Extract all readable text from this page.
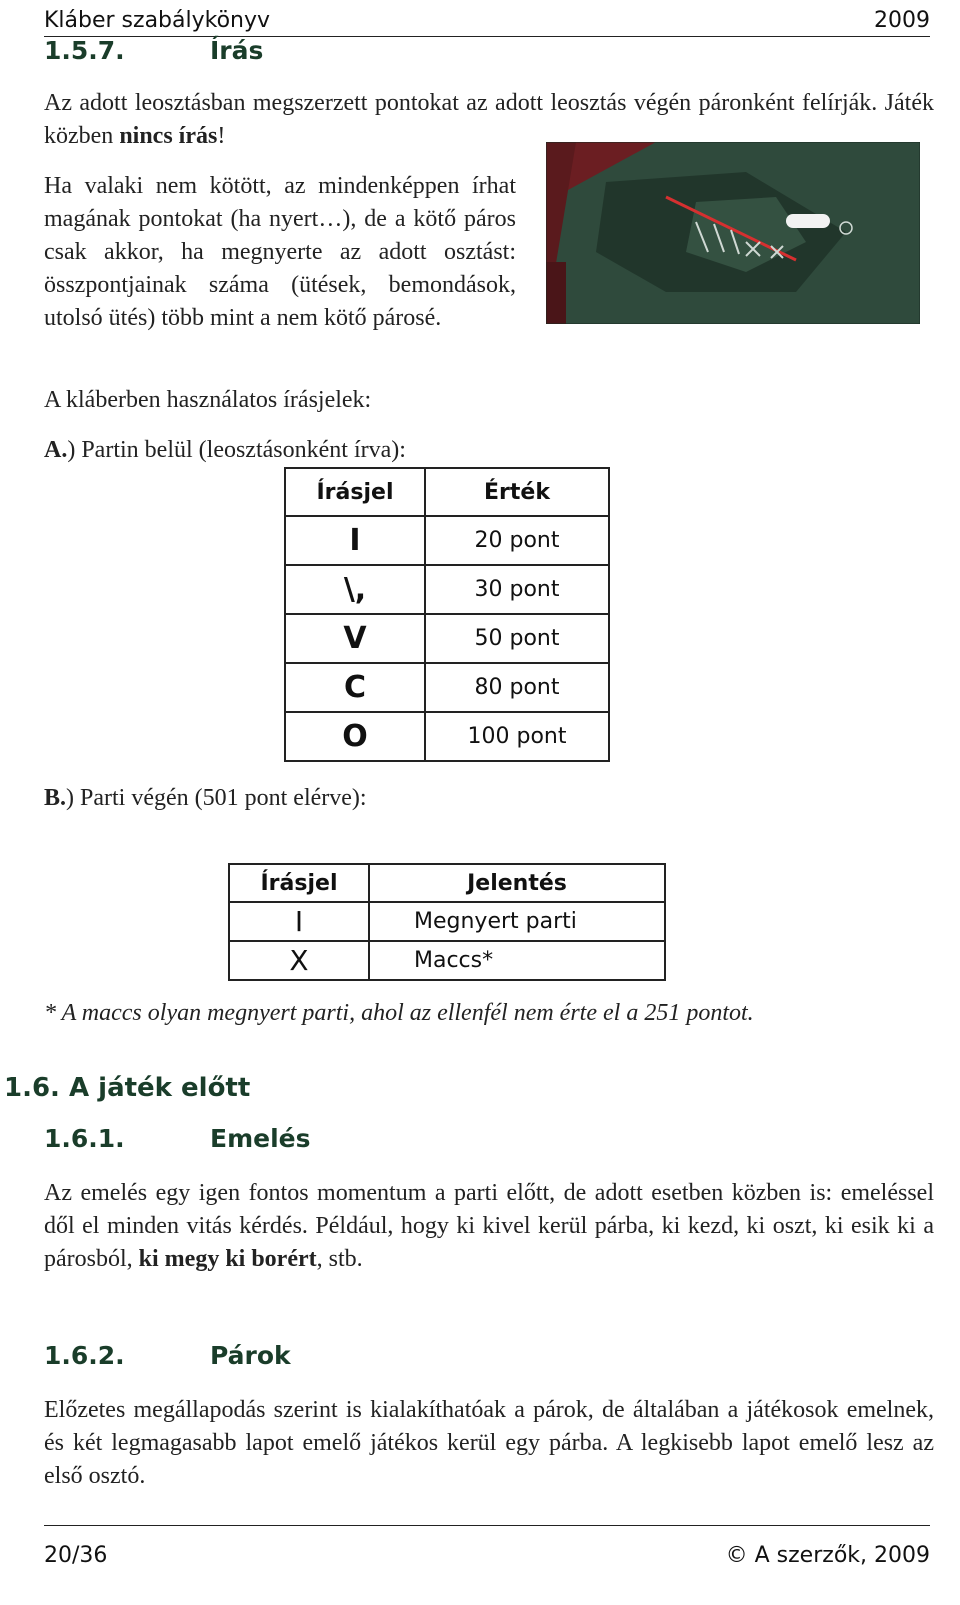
Kláber szabálykönyv	2009
1.5.7.	Írás
Az adott leosztásban megszerzett pontokat az adott leosztás végén páronként felírják. Játék közben nincs írás!
Ha valaki nem kötött, az mindenképpen írhat magának pontokat (ha nyert…), de a kötő páros csak akkor, ha megnyerte az adott osztást: összpontjainak száma (ütések, bemondások, utolsó ütés) több mint a nem kötő párosé.
A kláberben használatos írásjelek:
A.) Partin belül (leosztásonként írva):
Írásjel	Érték
I	20 pont
\,	30 pont
V	50 pont
C	80 pont
O	100 pont
B.) Parti végén (501 pont elérve):
Írásjel	Jelentés
I	Megnyert parti
X	Maccs*
* A maccs olyan megnyert parti, ahol az ellenfél nem érte el a 251 pontot.
1.6. A játék előtt
1.6.1.	Emelés
Az emelés egy igen fontos momentum a parti előtt, de adott esetben közben is: emeléssel dől el minden vitás kérdés. Például, hogy ki kivel kerül párba, ki kezd, ki oszt, ki esik ki a párosból, ki megy ki borért, stb.
1.6.2.	Párok
Előzetes megállapodás szerint is kialakíthatóak a párok, de általában a játékosok emelnek, és két legmagasabb lapot emelő játékos kerül egy párba. A legkisebb lapot emelő lesz az első osztó.
20/36	© A szerzők, 2009
